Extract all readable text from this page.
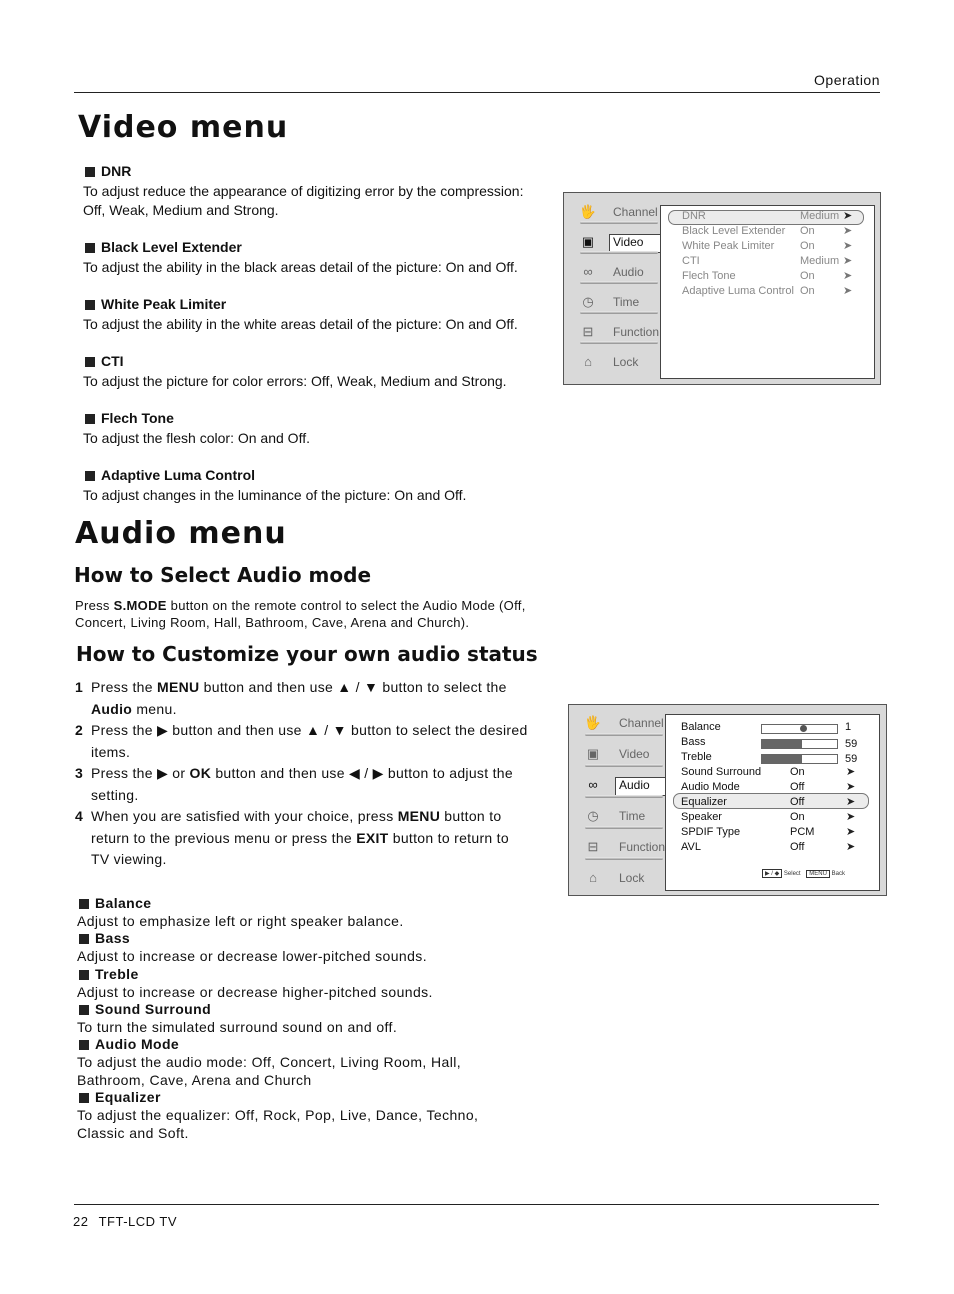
Operation
Video menu
DNR
To adjust reduce the appearance of digitizing error by the compression:
Off, Weak, Medium and Strong.
Black Level Extender
To adjust the ability in the black areas detail of the picture: On and Off.
White Peak Limiter
To adjust the ability in the white areas detail of the picture: On and Off.
CTI
To adjust the picture for color errors: Off, Weak, Medium and Strong.
Flech Tone
To adjust the flesh color: On and Off.
Adaptive Luma Control
To adjust changes in the luminance of the picture: On and Off.
🖐 Channel
▣	Video
∞	Audio
◷	Time
⊟	Function
⌂	Lock
DNR	Medium ➤
Black Level Extender On	➤
White Peak Limiter On	➤
CTI	Medium ➤
Flech Tone	On	➤
Adaptive Luma Control On	➤
Audio menu
How to Select Audio mode
Press S.MODE button on the remote control to select the Audio Mode (Off,
Concert, Living Room, Hall, Bathroom, Cave, Arena and Church).
How to Customize your own audio status
1 Press the MENU button and then use ▲ / ▼ button to select the Audio menu.
2 Press the ▶ button and then use ▲ / ▼ button to select the desired items.
3 Press the ▶ or OK button and then use ◀ / ▶ button to adjust the setting.
4 When you are satisfied with your choice, press MENU button to return to the previous menu or press the EXIT button to return to TV viewing.
Balance
Adjust to emphasize left or right speaker balance.
Bass
Adjust to increase or decrease lower-pitched sounds.
Treble
Adjust to increase or decrease higher-pitched sounds.
Sound Surround
To turn the simulated surround sound on and off.
Audio Mode
To adjust the audio mode: Off, Concert, Living Room, Hall,
Bathroom, Cave, Arena and Church
Equalizer
To adjust the equalizer: Off, Rock, Pop, Live, Dance, Techno,
Classic and Soft.
🖐 Channel
▣	Video
∞	Audio
◷	Time
⊟	Function
⌂	Lock
Balance	1
Bass	59
Treble	59
Sound Surround	On	➤
Audio Mode	Off	➤
Equalizer	Off	➤
Speaker	On	➤
SPDIF Type	PCM	➤
AVL	Off	➤
▶ / ◆ Select MENU Back
22 TFT-LCD TV
